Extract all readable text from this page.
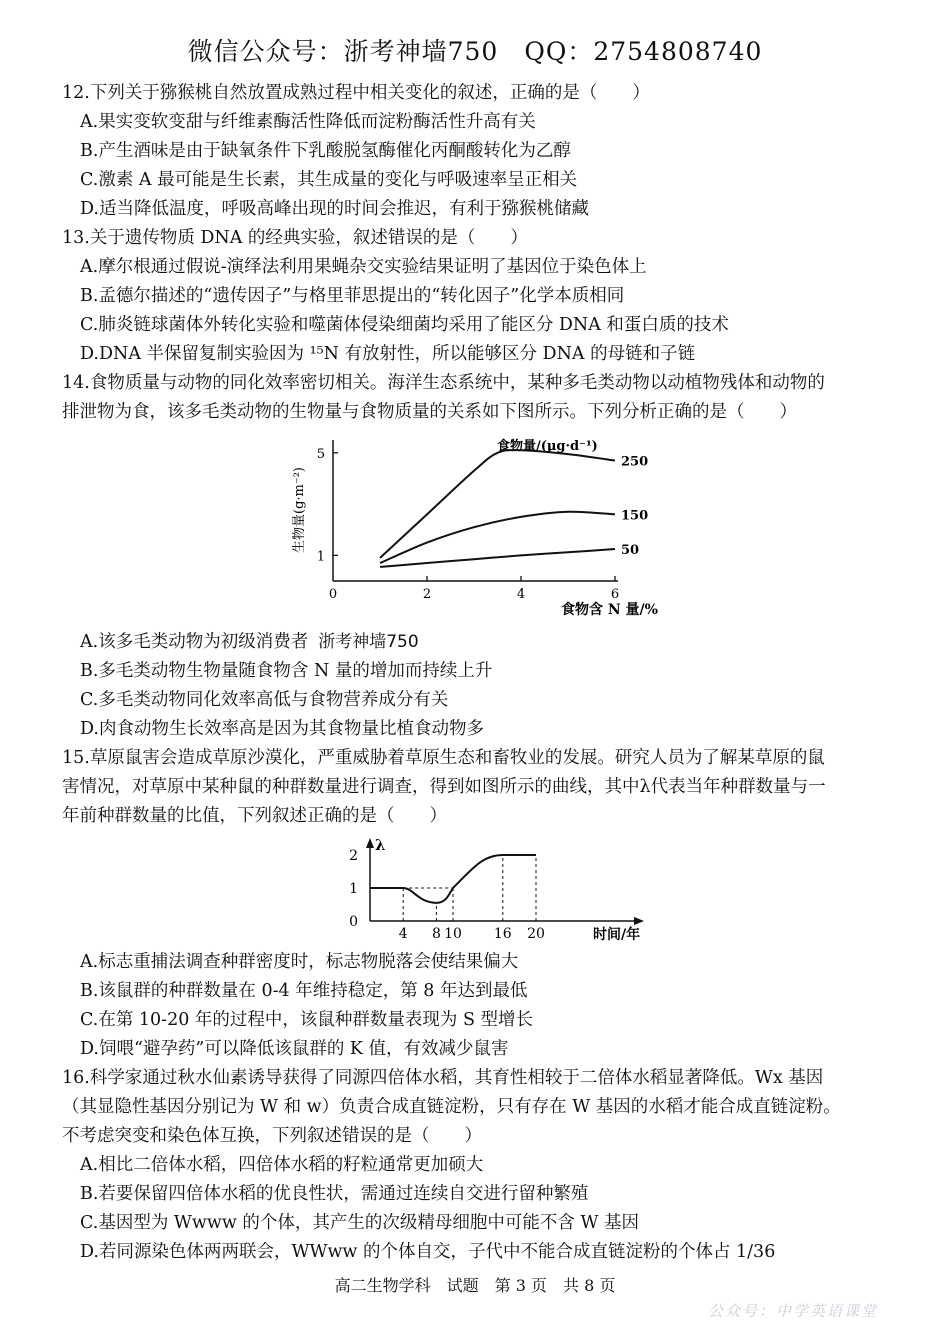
微信公众号：浙考神墙750　QQ：2754808740
12.下列关于猕猴桃自然放置成熟过程中相关变化的叙述，正确的是（　　）
A.果实变软变甜与纤维素酶活性降低而淀粉酶活性升高有关
B.产生酒味是由于缺氧条件下乳酸脱氢酶催化丙酮酸转化为乙醇
C.激素 A 最可能是生长素，其生成量的变化与呼吸速率呈正相关
D.适当降低温度，呼吸高峰出现的时间会推迟，有利于猕猴桃储藏
13.关于遗传物质 DNA 的经典实验，叙述错误的是（　　）
A.摩尔根通过假说-演绎法利用果蝇杂交实验结果证明了基因位于染色体上
B.孟德尔描述的“遗传因子”与格里菲思提出的“转化因子”化学本质相同
C.肺炎链球菌体外转化实验和噬菌体侵染细菌均采用了能区分 DNA 和蛋白质的技术
D.DNA 半保留复制实验因为 ¹⁵N 有放射性，所以能够区分 DNA 的母链和子链
14.食物质量与动物的同化效率密切相关。海洋生态系统中，某种多毛类动物以动植物残体和动物的
排泄物为食，该多毛类动物的生物量与食物质量的关系如下图所示。下列分析正确的是（　　）
生物量(g·m⁻²)
食物量/(μg·d⁻¹)
食物含 N 量/%
0	2	4	6
1
5
250
150
50
A.该多毛类动物为初级消费者 浙考神墙750
B.多毛类动物生物量随食物含 N 量的增加而持续上升
C.多毛类动物同化效率高低与食物营养成分有关
D.肉食动物生长效率高是因为其食物量比植食动物多
15.草原鼠害会造成草原沙漠化，严重威胁着草原生态和畜牧业的发展。研究人员为了解某草原的鼠
害情况，对草原中某种鼠的种群数量进行调查，得到如图所示的曲线，其中λ代表当年种群数量与一
年前种群数量的比值，下列叙述正确的是（　　）
λ
时间/年
4 8 10 16 20
0
1
2
A.标志重捕法调查种群密度时，标志物脱落会使结果偏大
B.该鼠群的种群数量在 0-4 年维持稳定，第 8 年达到最低
C.在第 10-20 年的过程中，该鼠种群数量表现为 S 型增长
D.饲喂“避孕药”可以降低该鼠群的 K 值，有效减少鼠害
16.科学家通过秋水仙素诱导获得了同源四倍体水稻，其育性相较于二倍体水稻显著降低。Wx 基因
（其显隐性基因分别记为 W 和 w）负责合成直链淀粉，只有存在 W 基因的水稻才能合成直链淀粉。
不考虑突变和染色体互换，下列叙述错误的是（　　）
A.相比二倍体水稻，四倍体水稻的籽粒通常更加硕大
B.若要保留四倍体水稻的优良性状，需通过连续自交进行留种繁殖
C.基因型为 Wwww 的个体，其产生的次级精母细胞中可能不含 W 基因
D.若同源染色体两两联会，WWww 的个体自交，子代中不能合成直链淀粉的个体占 1/36
高二生物学科　试题　第 3 页　共 8 页
公众号：中学英语课堂
